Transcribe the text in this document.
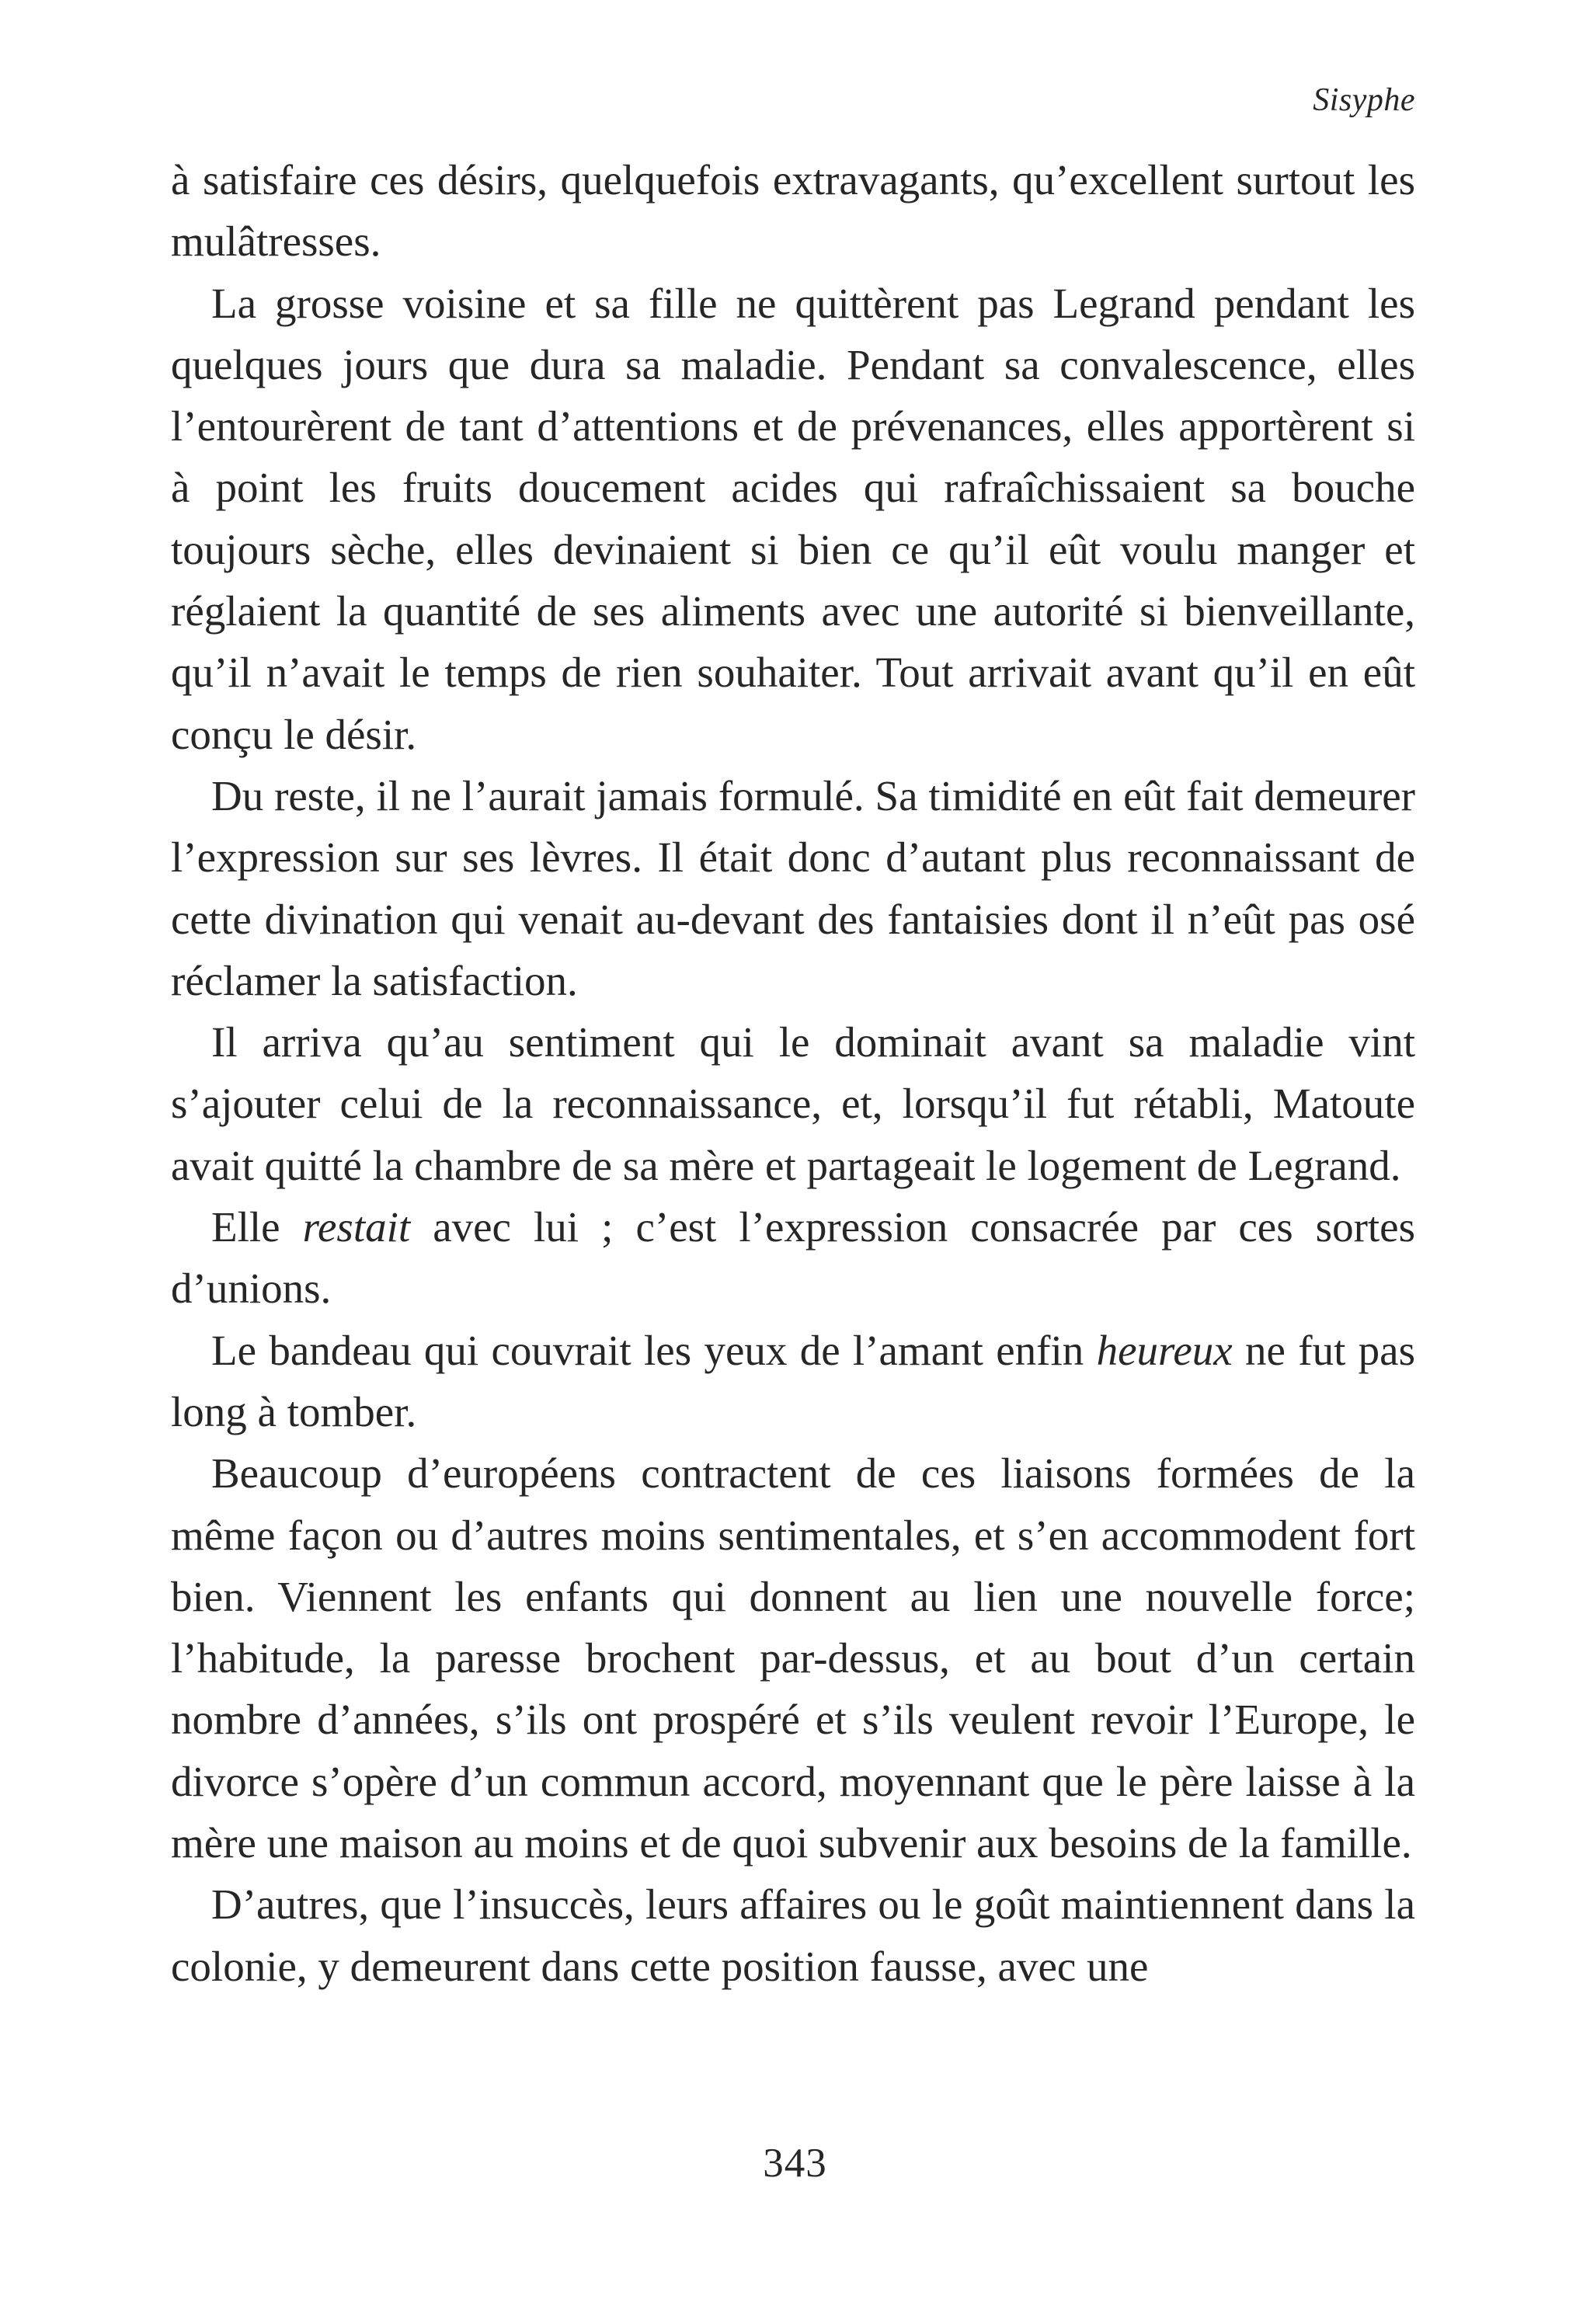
Sisyphe

à satisfaire ces désirs, quelquefois extravagants, qu’excellent surtout les mulâtresses.

La grosse voisine et sa fille ne quittèrent pas Legrand pendant les quelques jours que dura sa maladie. Pendant sa convalescence, elles l’entourèrent de tant d’attentions et de prévenances, elles apportèrent si à point les fruits doucement acides qui rafraîchissaient sa bouche toujours sèche, elles devinaient si bien ce qu’il eût voulu manger et réglaient la quantité de ses aliments avec une autorité si bienveillante, qu’il n’avait le temps de rien souhaiter. Tout arrivait avant qu’il en eût conçu le désir.

Du reste, il ne l’aurait jamais formulé. Sa timidité en eût fait demeurer l’expression sur ses lèvres. Il était donc d’autant plus reconnaissant de cette divination qui venait au-devant des fantaisies dont il n’eût pas osé réclamer la satisfaction.

Il arriva qu’au sentiment qui le dominait avant sa maladie vint s’ajouter celui de la reconnaissance, et, lorsqu’il fut rétabli, Matoute avait quitté la chambre de sa mère et partageait le logement de Legrand.

Elle restait avec lui ; c’est l’expression consacrée par ces sortes d’unions.

Le bandeau qui couvrait les yeux de l’amant enfin heureux ne fut pas long à tomber.

Beaucoup d’européens contractent de ces liaisons formées de la même façon ou d’autres moins sentimentales, et s’en accommodent fort bien. Viennent les enfants qui donnent au lien une nouvelle force; l’habitude, la paresse brochent par-dessus, et au bout d’un certain nombre d’années, s’ils ont prospéré et s’ils veulent revoir l’Europe, le divorce s’opère d’un commun accord, moyennant que le père laisse à la mère une maison au moins et de quoi subvenir aux besoins de la famille.

D’autres, que l’insuccès, leurs affaires ou le goût maintiennent dans la colonie, y demeurent dans cette position fausse, avec une

343
